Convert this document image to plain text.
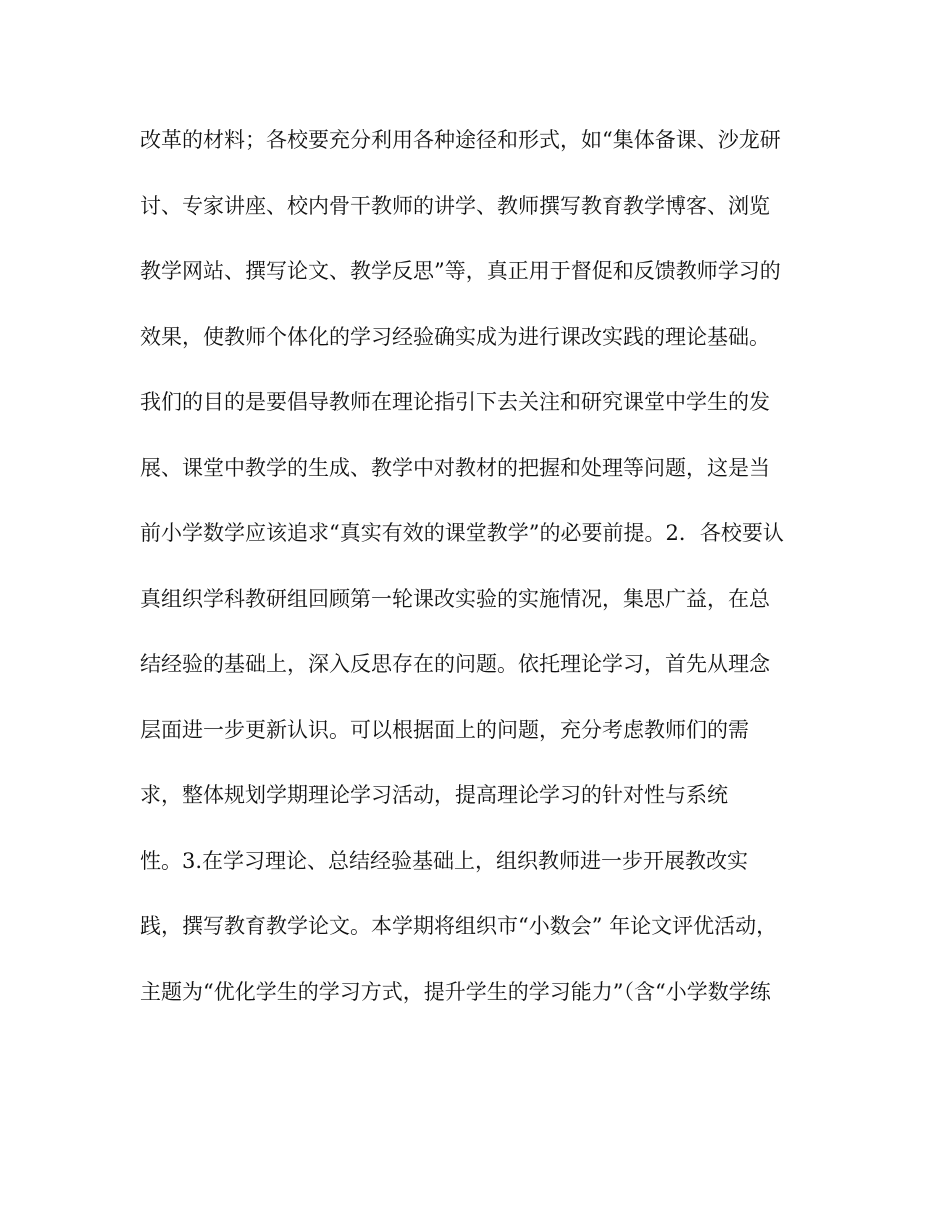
改革的材料；各校要充分利用各种途径和形式，如“集体备课、沙龙研
讨、专家讲座、校内骨干教师的讲学、教师撰写教育教学博客、浏览
教学网站、撰写论文、教学反思”等，真正用于督促和反馈教师学习的
效果，使教师个体化的学习经验确实成为进行课改实践的理论基础。
我们的目的是要倡导教师在理论指引下去关注和研究课堂中学生的发
展、课堂中教学的生成、教学中对教材的把握和处理等问题，这是当
前小学数学应该追求“真实有效的课堂教学”的必要前提。2．各校要认
真组织学科教研组回顾第一轮课改实验的实施情况，集思广益，在总
结经验的基础上，深入反思存在的问题。依托理论学习，首先从理念
层面进一步更新认识。可以根据面上的问题，充分考虑教师们的需
求，整体规划学期理论学习活动，提高理论学习的针对性与系统
性。3.在学习理论、总结经验基础上，组织教师进一步开展教改实
践，撰写教育教学论文。本学期将组织市“小数会” 年论文评优活动，
主题为“优化学生的学习方式，提升学生的学习能力”（含“小学数学练
